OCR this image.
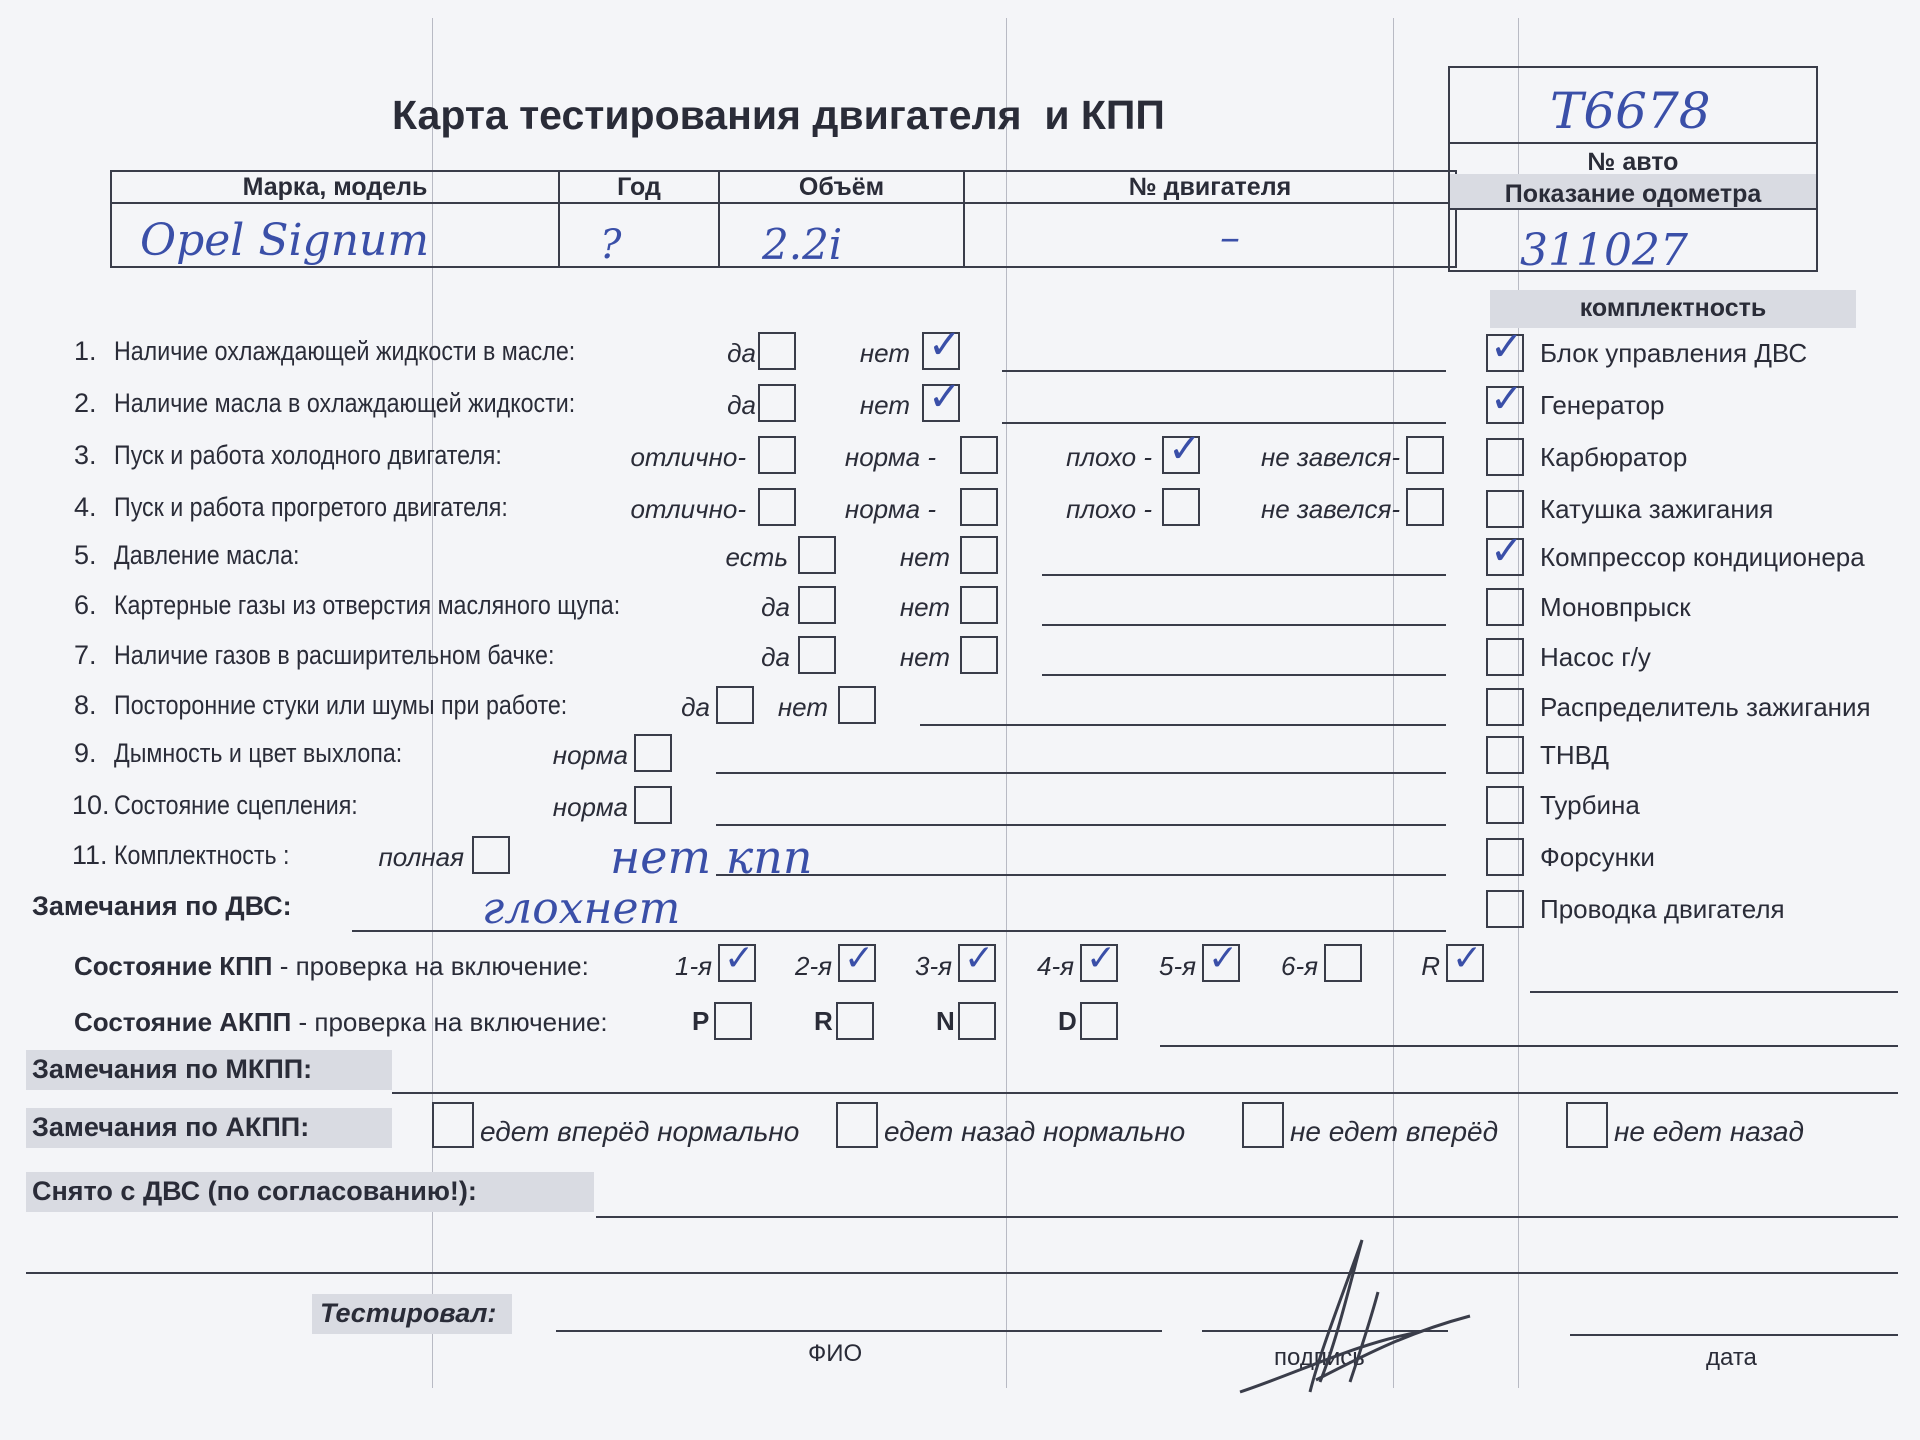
Карта тестирования двигателя  и КПП
Марка, модель	Год	Объём	№ двигателя

Opel Signum	?	2.2i	–
№ авто
Показание одометра
Т6678
311027
комплектность
1. Наличие охлаждающей жидкости в масле:	да	нет ✓
2. Наличие масла в охлаждающей жидкости:	да	нет ✓
3. Пуск и работа холодного двигателя:	отлично-	норма -	плохо - ✓	не завелся-
4. Пуск и работа прогретого двигателя:	отлично-	норма -	плохо -	не завелся-
5. Давление масла:	есть	нет
6. Картерные газы из отверстия масляного щупа:	да	нет
7. Наличие газов в расширительном бачке:	да	нет
8. Посторонние стуки или шумы при работе:	да	нет
9. Дымность и цвет выхлопа:	норма
10. Состояние сцепления:	норма
11. Комплектность :	полная
✓ Блок управления ДВС
✓ Генератор
Карбюратор
Катушка зажигания
✓ Компрессор кондиционера
Моновпрыск
Насос г/у
Распределитель зажигания
ТНВД
Турбина
Форсунки
Проводка двигателя
нет кпп
Замечания по ДВС:	глохнет
Состояние КПП - проверка на включение:	1-я ✓ 2-я ✓ 3-я ✓ 4-я ✓ 5-я ✓ 6-я	R ✓
Состояние АКПП - проверка на включение:	P	R	N	D
Замечания по МКПП:
Замечания по АКПП:	едет вперёд нормально	едет назад нормально	не едет вперёд	не едет назад
Снято с ДВС (по согласованию!):
Тестировал:
ФИО	подпись	дата
